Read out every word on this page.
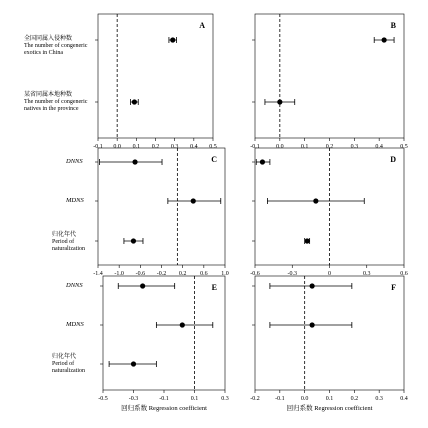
A
-0.1 0.0 0.1 0.2 0.3 0.4 0.5
B
-0.1	0.0	0.1	0.2	0.3	0.4	0.5
C
-1.4 -1.0 -0.6 -0.2 0.2 0.6 1.0
D
-0.6	-0.3	0	0.3	0.6
E
-0.5	-0.3	-0.1	0.1	0.3
回归系数 Regression coefficient
F
-0.2	-0.1	0.0	0.1	0.2	0.3	0.4
回归系数 Regression coefficient
全国同属入侵种数
The number of congeneric
exotics in China
某省同属本地种数
The number of congeneric
natives in the province
DNNS
MDNS
归化年代
Period of
naturalization
DNNS
MDNS
归化年代
Period of
naturalization
